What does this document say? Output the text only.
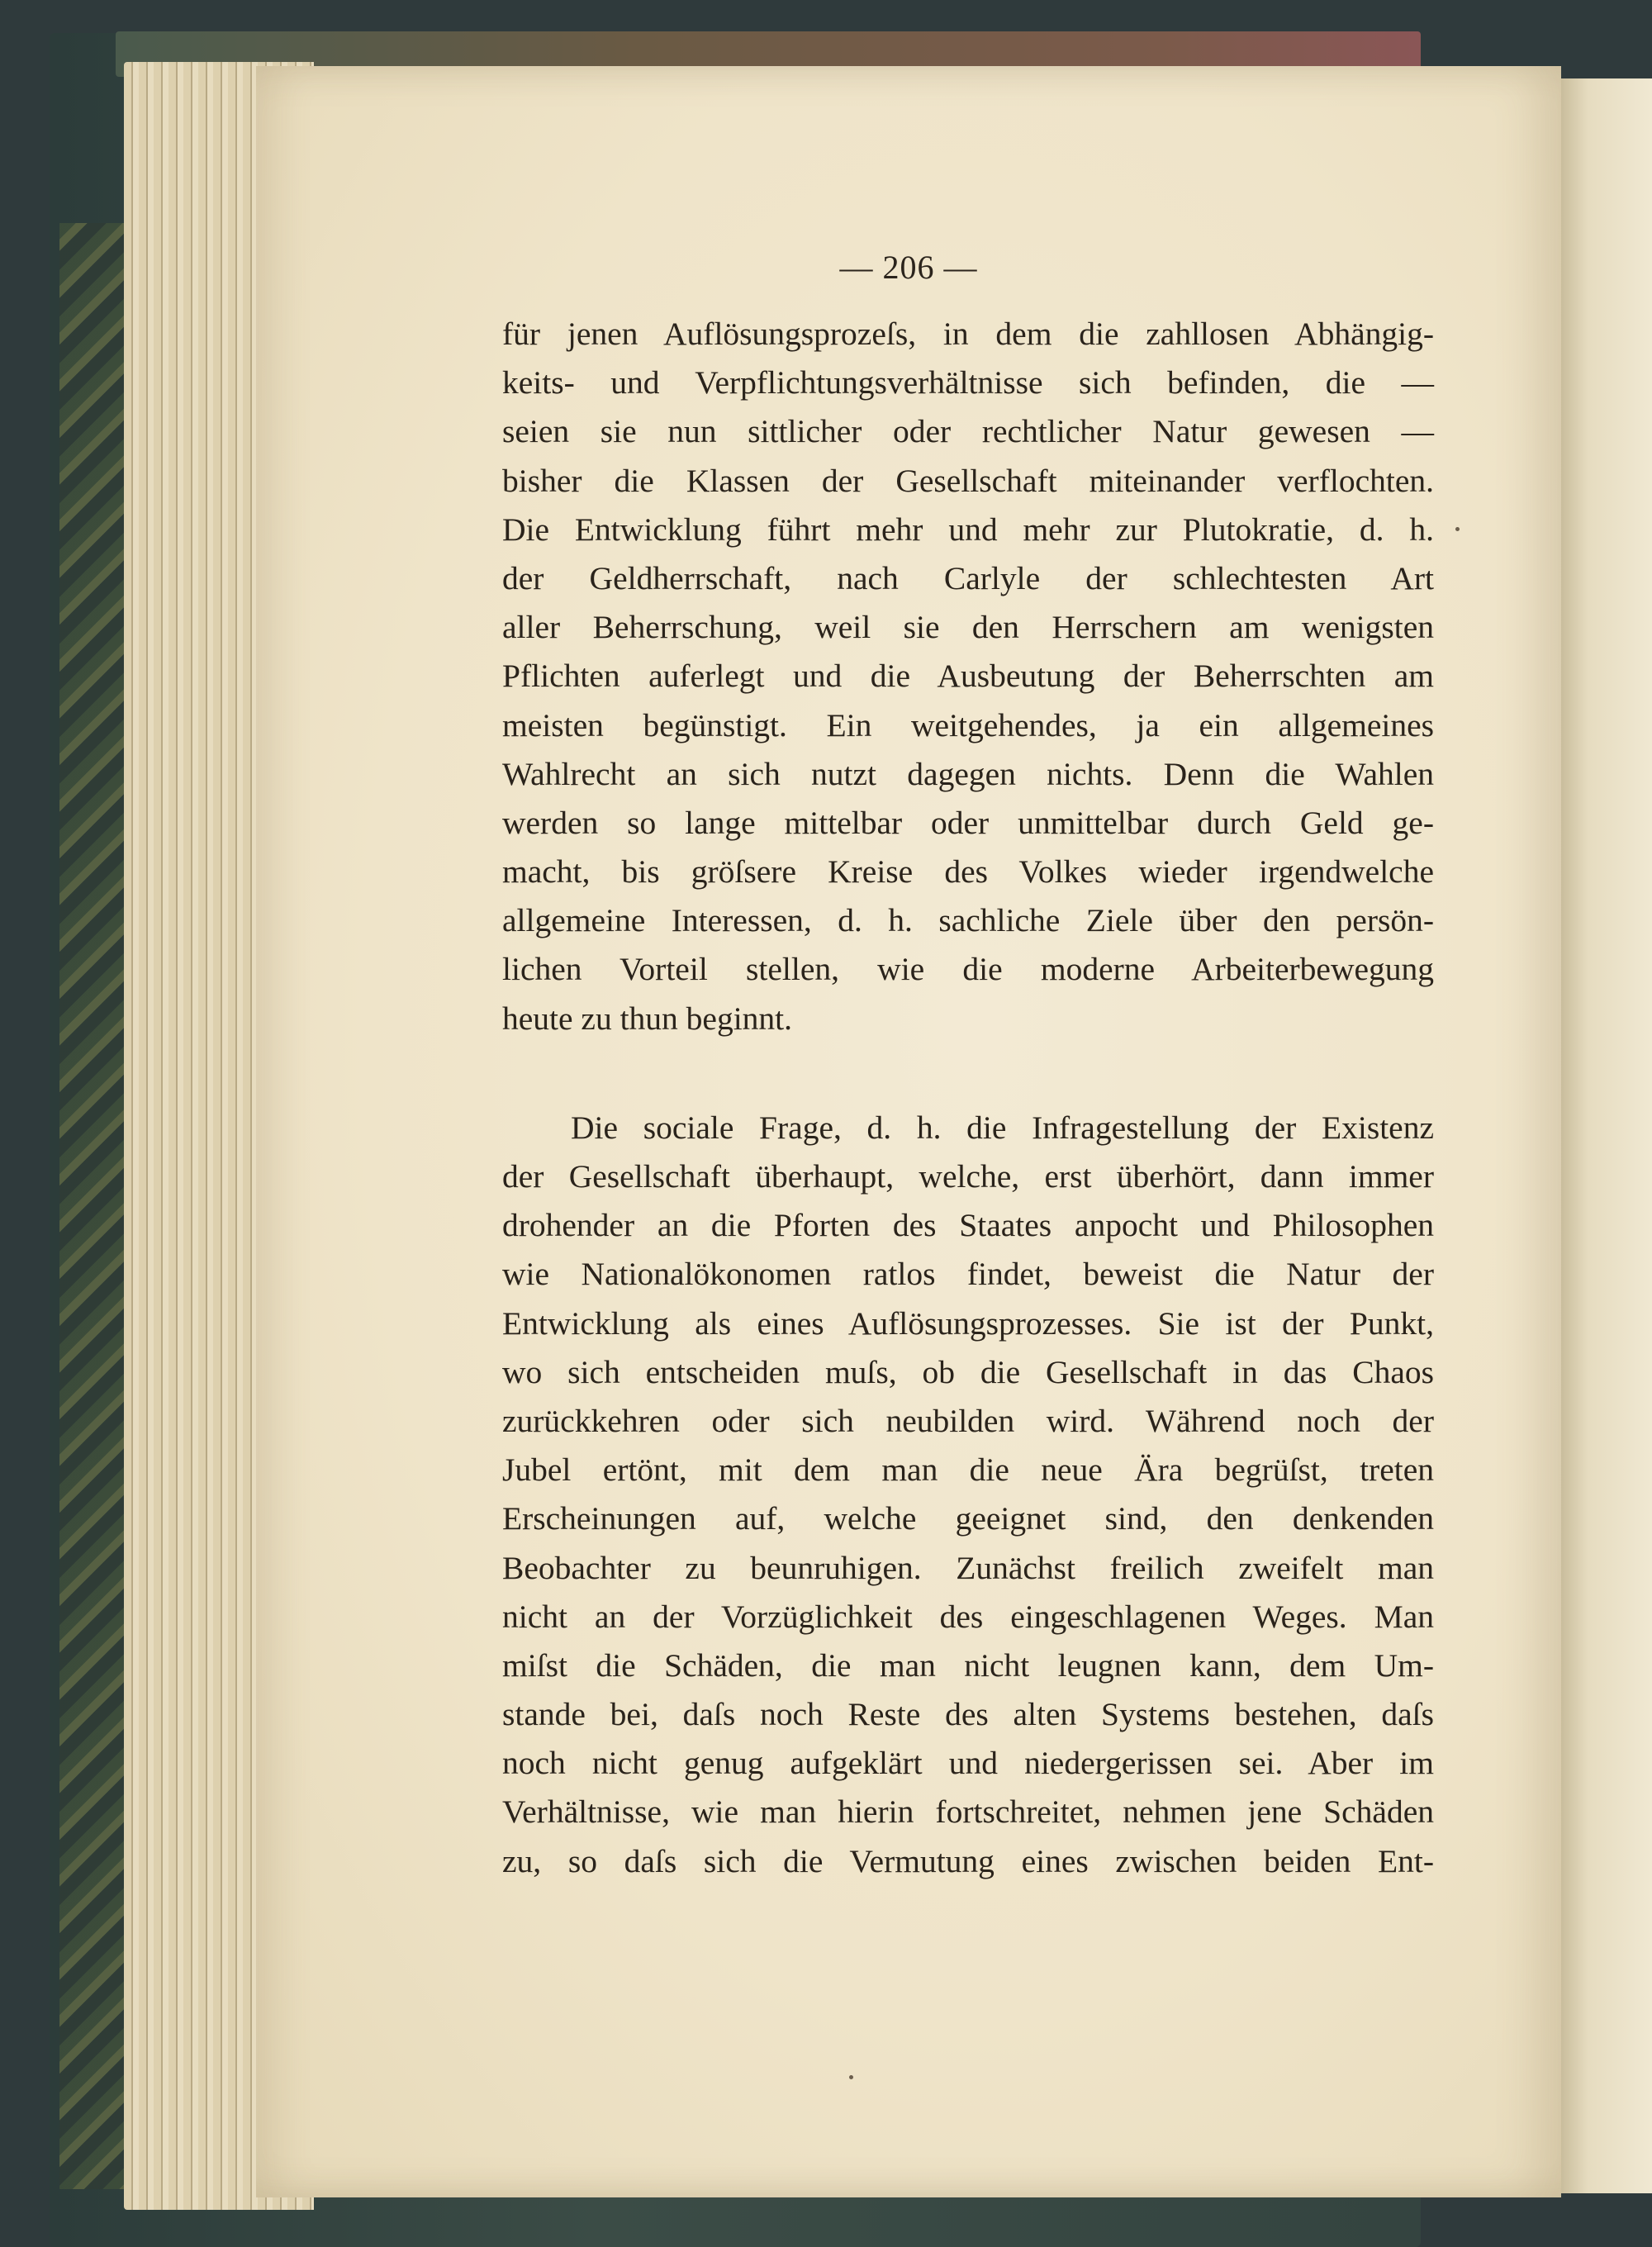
— 206 —
für jenen Auflösungsprozeſs, in dem die zahllosen Abhängig-
keits- und Verpflichtungsverhältnisse sich befinden, die —
seien sie nun sittlicher oder rechtlicher Natur gewesen —
bisher die Klassen der Gesellschaft miteinander verflochten.
Die Entwicklung führt mehr und mehr zur Plutokratie, d. h.
der Geldherrschaft, nach Carlyle der schlechtesten Art
aller Beherrschung, weil sie den Herrschern am wenigsten
Pflichten auferlegt und die Ausbeutung der Beherrschten am
meisten begünstigt. Ein weitgehendes, ja ein allgemeines
Wahlrecht an sich nutzt dagegen nichts. Denn die Wahlen
werden so lange mittelbar oder unmittelbar durch Geld ge-
macht, bis gröſsere Kreise des Volkes wieder irgendwelche
allgemeine Interessen, d. h. sachliche Ziele über den persön-
lichen Vorteil stellen, wie die moderne Arbeiterbewegung
heute zu thun beginnt.
Die sociale Frage, d. h. die Infragestellung der Existenz
der Gesellschaft überhaupt, welche, erst überhört, dann immer
drohender an die Pforten des Staates anpocht und Philosophen
wie Nationalökonomen ratlos findet, beweist die Natur der
Entwicklung als eines Auflösungsprozesses. Sie ist der Punkt,
wo sich entscheiden muſs, ob die Gesellschaft in das Chaos
zurückkehren oder sich neubilden wird. Während noch der
Jubel ertönt, mit dem man die neue Ära begrüſst, treten
Erscheinungen auf, welche geeignet sind, den denkenden
Beobachter zu beunruhigen. Zunächst freilich zweifelt man
nicht an der Vorzüglichkeit des eingeschlagenen Weges. Man
miſst die Schäden, die man nicht leugnen kann, dem Um-
stande bei, daſs noch Reste des alten Systems bestehen, daſs
noch nicht genug aufgeklärt und niedergerissen sei. Aber im
Verhältnisse, wie man hierin fortschreitet, nehmen jene Schäden
zu, so daſs sich die Vermutung eines zwischen beiden Ent-
